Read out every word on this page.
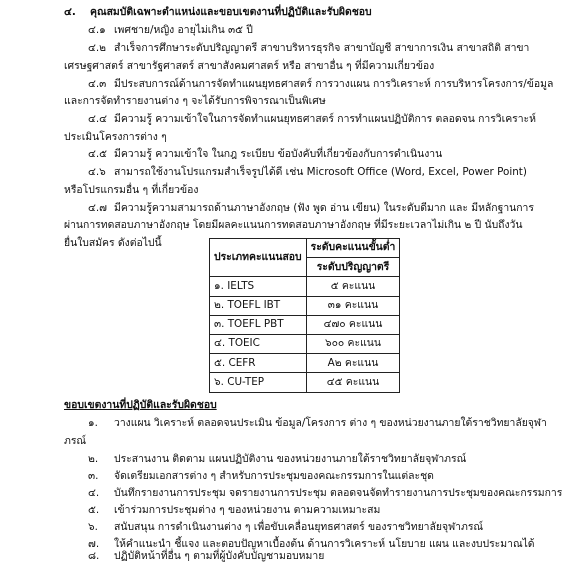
๔. คุณสมบัติเฉพาะตำแหน่งและขอบเขตงานที่ปฏิบัติและรับผิดชอบ
๔.๑ เพศชาย/หญิง อายุไม่เกิน ๓๕ ปี
๔.๒ สำเร็จการศึกษาระดับปริญญาตรี สาขาบริหารธุรกิจ สาขาบัญชี สาขาการเงิน สาขาสถิติ สาขา
เศรษฐศาสตร์ สาขารัฐศาสตร์ สาขาสังคมศาสตร์ หรือ สาขาอื่น ๆ ที่มีความเกี่ยวข้อง
๔.๓ มีประสบการณ์ด้านการจัดทำแผนยุทธศาสตร์ การวางแผน การวิเคราะห์ การบริหารโครงการ/ข้อมูล
และการจัดทำรายงานต่าง ๆ จะได้รับการพิจารณาเป็นพิเศษ
๔.๔ มีความรู้ ความเข้าใจในการจัดทำแผนยุทธศาสตร์ การทำแผนปฏิบัติการ ตลอดจน การวิเคราะห์
ประเมินโครงการต่าง ๆ
๔.๕ มีความรู้ ความเข้าใจ ในกฎ ระเบียบ ข้อบังคับที่เกี่ยวข้องกับการดำเนินงาน
๔.๖ สามารถใช้งานโปรแกรมสำเร็จรูปได้ดี เช่น Microsoft Office (Word, Excel, Power Point)
หรือโปรแกรมอื่น ๆ ที่เกี่ยวข้อง
๔.๗ มีความรู้ความสามารถด้านภาษาอังกฤษ (ฟัง พูด อ่าน เขียน) ในระดับดีมาก และ มีหลักฐานการ
ผ่านการทดสอบภาษาอังกฤษ โดยมีผลคะแนนการทดสอบภาษาอังกฤษ ที่มีระยะเวลาไม่เกิน ๒ ปี นับถึงวัน
ยื่นใบสมัคร ดังต่อไปนี้
ประเภทคะแนนสอบ	ระดับคะแนนขั้นต่ำ
	ระดับปริญญาตรี
๑. IELTS	๕ คะแนน
๒. TOEFL IBT	๓๑ คะแนน
๓. TOEFL PBT	๔๗๐ คะแนน
๔. TOEIC	๖๐๐ คะแนน
๕. CEFR	A๒ คะแนน
๖. CU-TEP	๔๕ คะแนน
ขอบเขตงานที่ปฏิบัติและรับผิดชอบ
๑. วางแผน วิเคราะห์ ตลอดจนประเมิน ข้อมูล/โครงการ ต่าง ๆ ของหน่วยงานภายใต้ราชวิทยาลัยจุฬา
ภรณ์
๒. ประสานงาน ติดตาม แผนปฏิบัติงาน ของหน่วยงานภายใต้ราชวิทยาลัยจุฬาภรณ์
๓. จัดเตรียมเอกสารต่าง ๆ สำหรับการประชุมของคณะกรรมการในแต่ละชุด
๔. บันทึกรายงานการประชุม จดรายงานการประชุม ตลอดจนจัดทำรายงานการประชุมของคณะกรรมการ
๕. เข้าร่วมการประชุมต่าง ๆ ของหน่วยงาน ตามความเหมาะสม
๖. สนับสนุน การดำเนินงานต่าง ๆ เพื่อขับเคลื่อนยุทธศาสตร์ ของราชวิทยาลัยจุฬาภรณ์
๗. ให้คำแนะนำ ชี้แจง และตอบปัญหาเบื้องต้น ด้านการวิเคราะห์ นโยบาย แผน และงบประมาณได้
๘. ปฏิบัติหน้าที่อื่น ๆ ตามที่ผู้บังคับบัญชามอบหมาย
